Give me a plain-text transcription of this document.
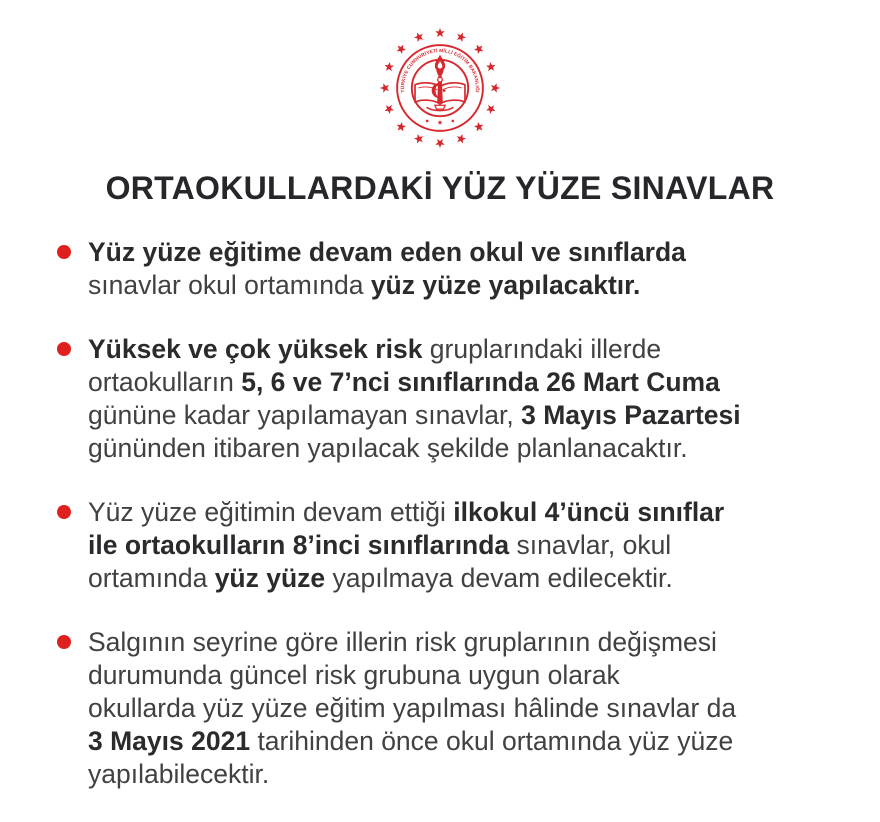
TÜRKİYE CUMHURİYETİ MİLLİ EĞİTİM BAKANLIĞI
ORTAOKULLARDAKİ YÜZ YÜZE SINAVLAR
Yüz yüze eğitime devam eden okul ve sınıflarda
sınavlar okul ortamında yüz yüze yapılacaktır.
Yüksek ve çok yüksek risk gruplarındaki illerde
ortaokulların 5, 6 ve 7’nci sınıflarında 26 Mart Cuma
gününe kadar yapılamayan sınavlar, 3 Mayıs Pazartesi
gününden itibaren yapılacak şekilde planlanacaktır.
Yüz yüze eğitimin devam ettiği ilkokul 4’üncü sınıflar
ile ortaokulların 8’inci sınıflarında sınavlar, okul
ortamında yüz yüze yapılmaya devam edilecektir.
Salgının seyrine göre illerin risk gruplarının değişmesi
durumunda güncel risk grubuna uygun olarak
okullarda yüz yüze eğitim yapılması hâlinde sınavlar da
3 Mayıs 2021 tarihinden önce okul ortamında yüz yüze
yapılabilecektir.
